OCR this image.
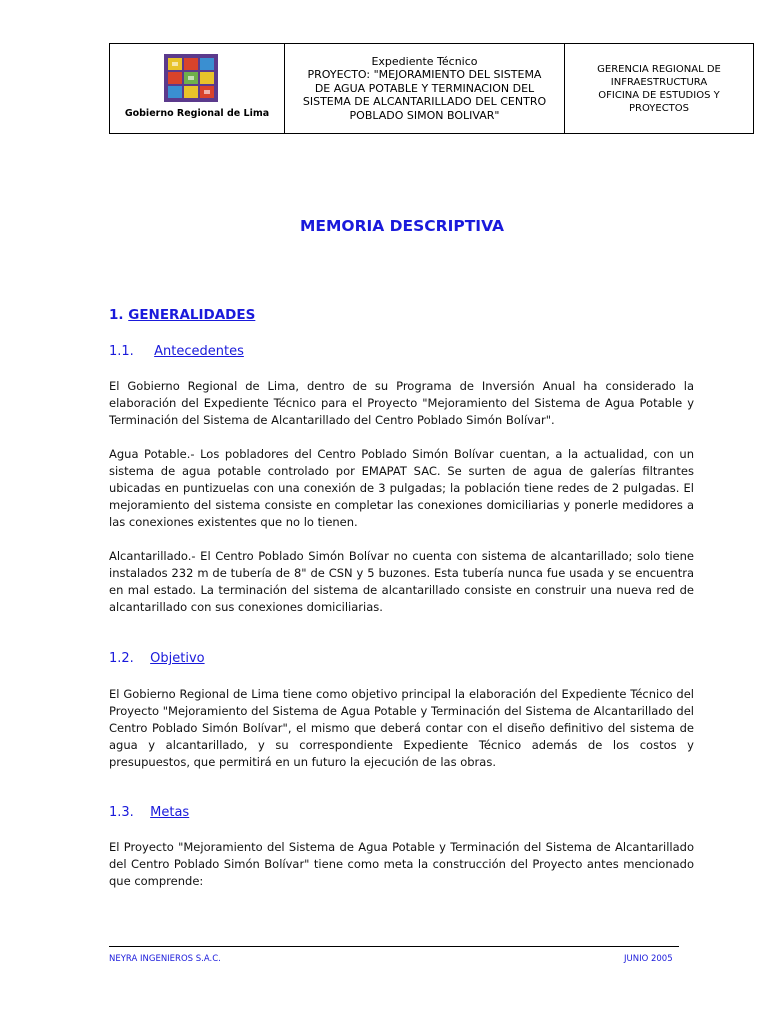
Gobierno Regional de Lima
Expediente Técnico
PROYECTO: "MEJORAMIENTO DEL SISTEMA
DE AGUA POTABLE Y TERMINACION DEL
SISTEMA DE ALCANTARILLADO DEL CENTRO
POBLADO SIMON BOLIVAR"
GERENCIA REGIONAL DE
INFRAESTRUCTURA
OFICINA DE ESTUDIOS Y
PROYECTOS
MEMORIA DESCRIPTIVA
1. GENERALIDADES
1.1. Antecedentes
El Gobierno Regional de Lima, dentro de su Programa de Inversión Anual ha considerado la elaboración del Expediente Técnico para el Proyecto "Mejoramiento del Sistema de Agua Potable y Terminación del Sistema de Alcantarillado del Centro Poblado Simón Bolívar".
Agua Potable.- Los pobladores del Centro Poblado Simón Bolívar cuentan, a la actualidad, con un sistema de agua potable controlado por EMAPAT SAC. Se surten de agua de galerías filtrantes ubicadas en puntizuelas con una conexión de 3 pulgadas; la población tiene redes de 2 pulgadas. El mejoramiento del sistema consiste en completar las conexiones domiciliarias y ponerle medidores a las conexiones existentes que no lo tienen.
Alcantarillado.- El Centro Poblado Simón Bolívar no cuenta con sistema de alcantarillado; solo tiene instalados 232 m de tubería de 8" de CSN y 5 buzones. Esta tubería nunca fue usada y se encuentra en mal estado. La terminación del sistema de alcantarillado consiste en construir una nueva red de alcantarillado con sus conexiones domiciliarias.
1.2. Objetivo
El Gobierno Regional de Lima tiene como objetivo principal la elaboración del Expediente Técnico del Proyecto "Mejoramiento del Sistema de Agua Potable y Terminación del Sistema de Alcantarillado del Centro Poblado Simón Bolívar", el mismo que deberá contar con el diseño definitivo del sistema de agua y alcantarillado, y su correspondiente Expediente Técnico además de los costos y presupuestos, que permitirá en un futuro la ejecución de las obras.
1.3. Metas
El Proyecto "Mejoramiento del Sistema de Agua Potable y Terminación del Sistema de Alcantarillado del Centro Poblado Simón Bolívar" tiene como meta la construcción del Proyecto antes mencionado que comprende:
NEYRA INGENIEROS S.A.C.	JUNIO 2005
